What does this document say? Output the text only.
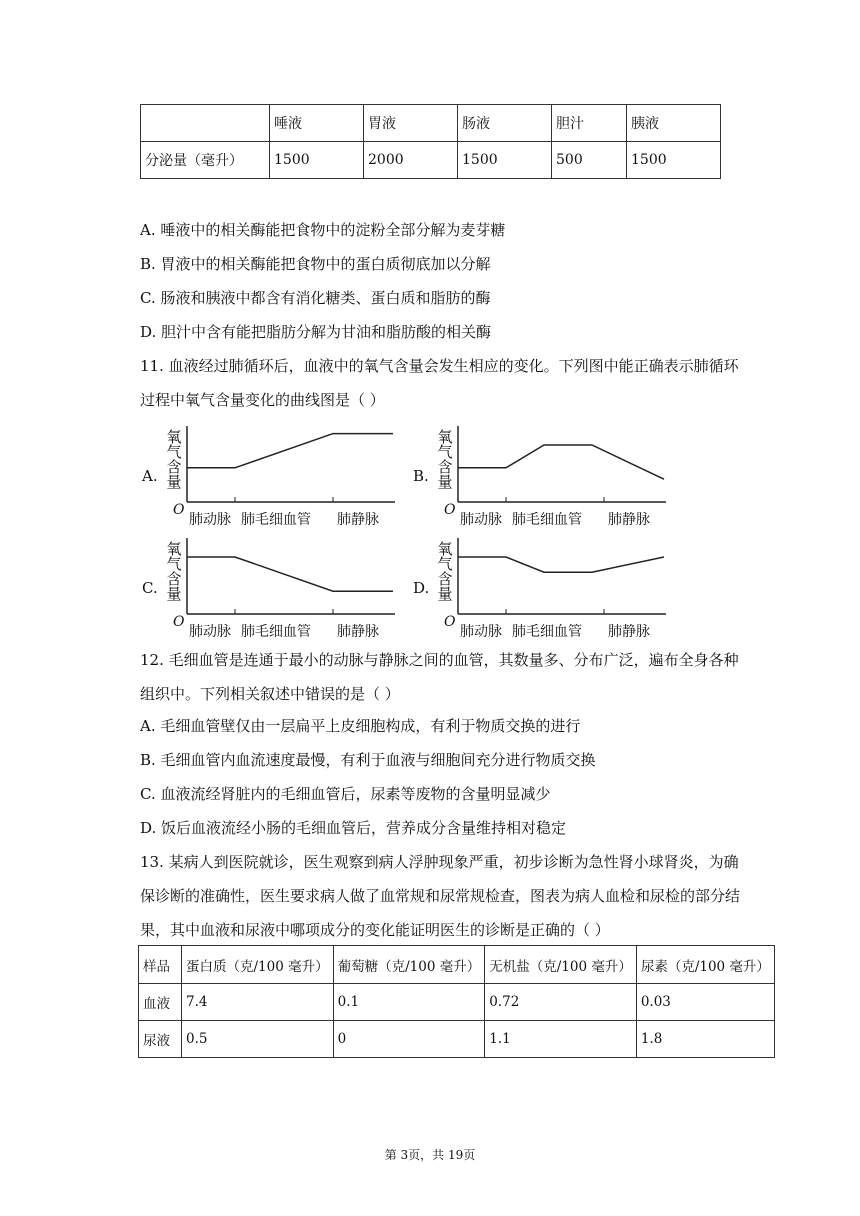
	唾液	胃液	肠液	胆汁	胰液
分泌量（毫升）	1500	2000	1500	500	1500
A. 唾液中的相关酶能把食物中的淀粉全部分解为麦芽糖
B. 胃液中的相关酶能把食物中的蛋白质彻底加以分解
C. 肠液和胰液中都含有消化糖类、蛋白质和脂肪的酶
D. 胆汁中含有能把脂肪分解为甘油和脂肪酸的相关酶
11. 血液经过肺循环后，血液中的氧气含量会发生相应的变化。下列图中能正确表示肺循环
过程中氧气含量变化的曲线图是（ ）
A.	B.
C.	D.
氧
气
含
量
O
肺动脉 肺毛细血管 肺静脉
氧
气
含
量
O
肺动脉 肺毛细血管 肺静脉
氧
气
含
量
O
肺动脉 肺毛细血管 肺静脉
氧
气
含
量
O
肺动脉 肺毛细血管 肺静脉
12. 毛细血管是连通于最小的动脉与静脉之间的血管，其数量多、分布广泛，遍布全身各种
组织中。下列相关叙述中错误的是（ ）
A. 毛细血管壁仅由一层扁平上皮细胞构成，有利于物质交换的进行
B. 毛细血管内血流速度最慢，有利于血液与细胞间充分进行物质交换
C. 血液流经肾脏内的毛细血管后，尿素等废物的含量明显减少
D. 饭后血液流经小肠的毛细血管后，营养成分含量维持相对稳定
13. 某病人到医院就诊，医生观察到病人浮肿现象严重，初步诊断为急性肾小球肾炎，为确
保诊断的准确性，医生要求病人做了血常规和尿常规检查，图表为病人血检和尿检的部分结
果，其中血液和尿液中哪项成分的变化能证明医生的诊断是正确的（ ）
样品	蛋白质（克/100 毫升）	葡萄糖（克/100 毫升）	无机盐（克/100 毫升）	尿素（克/100 毫升）
血液	7.4	0.1	0.72	0.03
尿液	0.5	0	1.1	1.8
第 3页，共 19页
